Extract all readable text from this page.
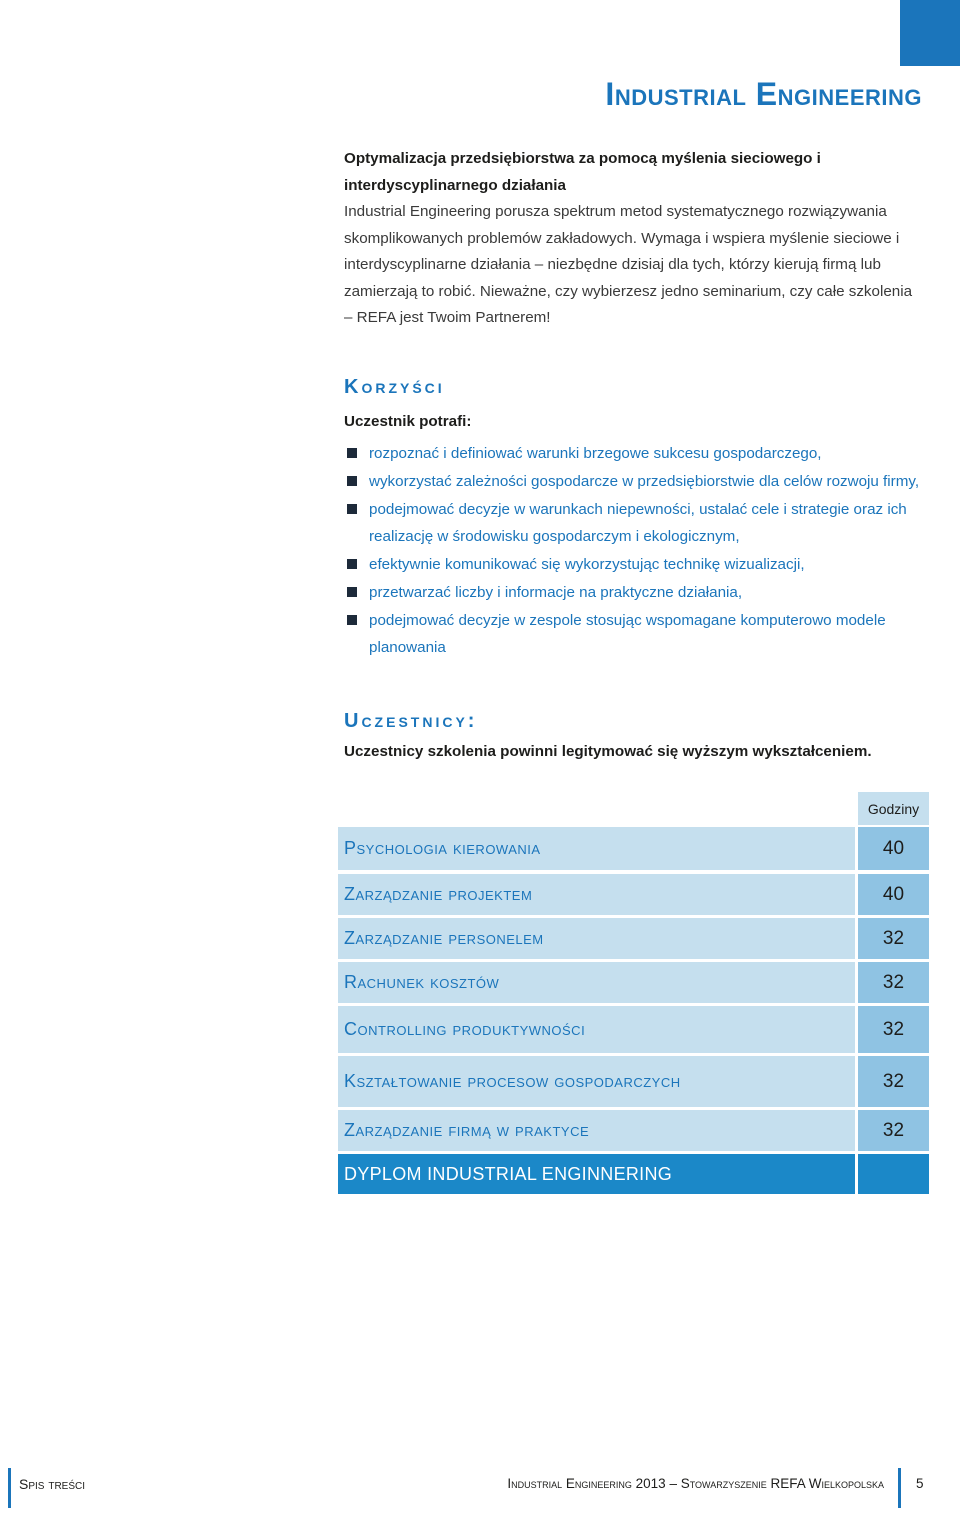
Industrial Engineering

Optymalizacja przedsiębiorstwa za pomocą myślenia sieciowego i interdyscyplinarnego działania

Industrial Engineering porusza spektrum metod systematycznego rozwiązywania skomplikowanych problemów zakładowych. Wymaga i wspiera myślenie sieciowe i interdyscyplinarne działania – niezbędne dzisiaj dla tych, którzy kierują firmą lub zamierzają to robić. Nieważne, czy wybierzesz jedno seminarium, czy całe szkolenia – REFA jest Twoim Partnerem!

Korzyści
Uczestnik potrafi:
rozpoznać i definiować warunki brzegowe sukcesu gospodarczego,
wykorzystać zależności gospodarcze w przedsiębiorstwie dla celów rozwoju firmy,
podejmować decyzje w warunkach niepewności, ustalać cele i strategie oraz ich realizację w środowisku gospodarczym i ekologicznym,
efektywnie komunikować się wykorzystując technikę wizualizacji,
przetwarzać liczby i informacje na praktyczne działania,
podejmować decyzje w zespole stosując wspomagane komputerowo modele planowania
Uczestnicy:
Uczestnicy szkolenia powinni legitymować się wyższym wykształceniem.
Godziny
Psychologia kierowania	40
Zarządzanie projektem	40
Zarządzanie personelem	32
Rachunek kosztów	32
Controlling produktywności	32
Kształtowanie procesow gospodarczych	32
Zarządzanie firmą w praktyce	32
DYPLOM INDUSTRIAL ENGINNERING
Spis treści	Industrial Engineering 2013 – Stowarzyszenie REFA Wielkopolska 5
